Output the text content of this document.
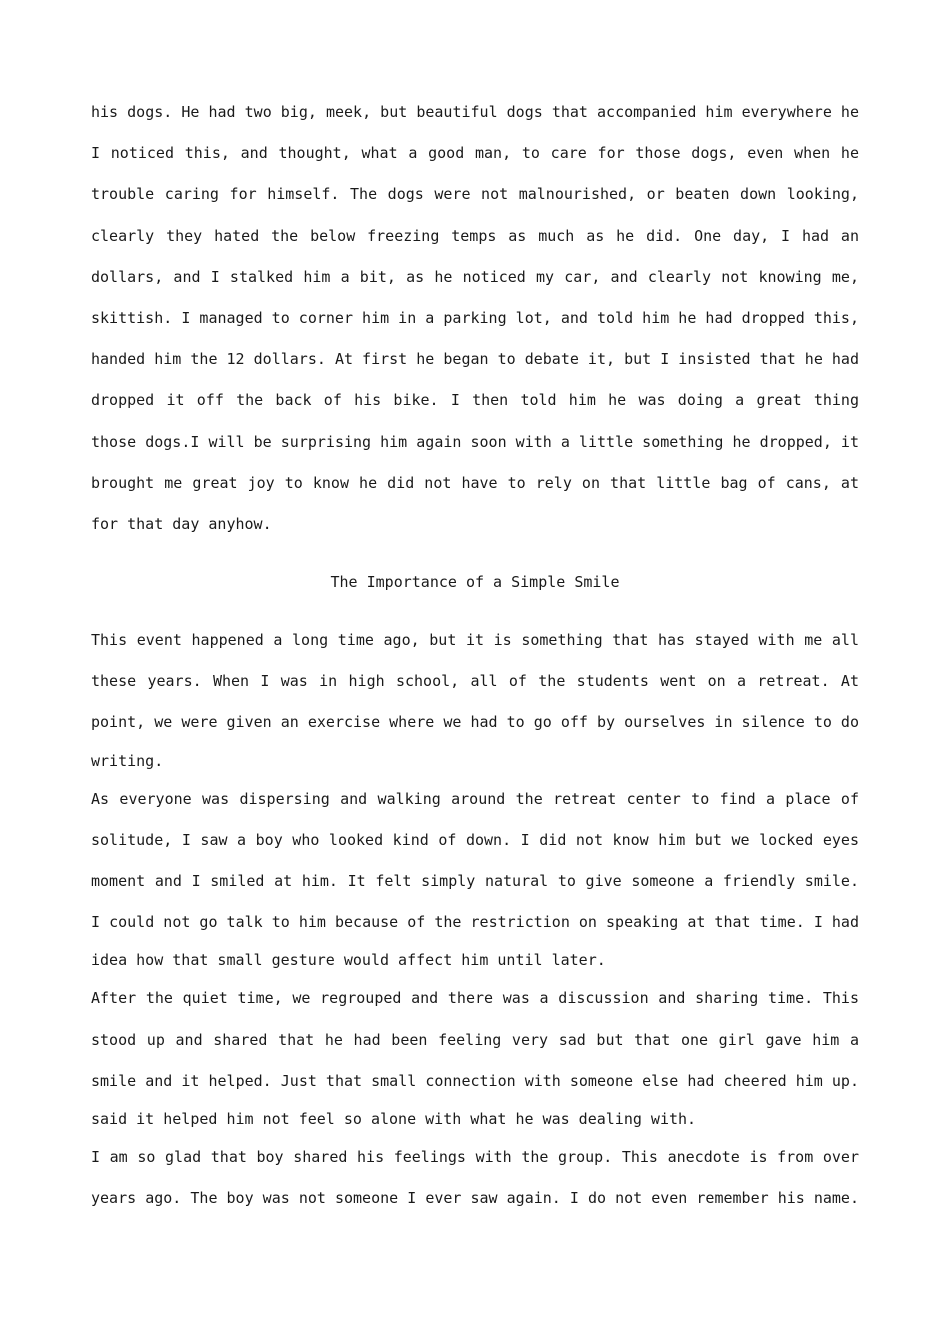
his dogs. He had two big, meek, but beautiful dogs that accompanied him everywhere he
I noticed this, and thought, what a good man, to care for those dogs, even when he
trouble caring for himself. The dogs were not malnourished, or beaten down looking,
clearly they hated the below freezing temps as much as he did. One day, I had an
dollars, and I stalked him a bit, as he noticed my car, and clearly not knowing me,
skittish. I managed to corner him in a parking lot, and told him he had dropped this,
handed him the 12 dollars. At first he began to debate it, but I insisted that he had
dropped it off the back of his bike. I then told him he was doing a great thing
those dogs.I will be surprising him again soon with a little something he dropped, it
brought me great joy to know he did not have to rely on that little bag of cans, at
for that day anyhow.
The Importance of a Simple Smile
This event happened a long time ago, but it is something that has stayed with me all
these years. When I was in high school, all of the students went on a retreat. At
point, we were given an exercise where we had to go off by ourselves in silence to do
writing.
As everyone was dispersing and walking around the retreat center to find a place of
solitude, I saw a boy who looked kind of down. I did not know him but we locked eyes
moment and I smiled at him. It felt simply natural to give someone a friendly smile.
I could not go talk to him because of the restriction on speaking at that time. I had
idea how that small gesture would affect him until later.
After the quiet time, we regrouped and there was a discussion and sharing time. This
stood up and shared that he had been feeling very sad but that one girl gave him a
smile and it helped. Just that small connection with someone else had cheered him up.
said it helped him not feel so alone with what he was dealing with.
I am so glad that boy shared his feelings with the group. This anecdote is from over
years ago. The boy was not someone I ever saw again. I do not even remember his name.
